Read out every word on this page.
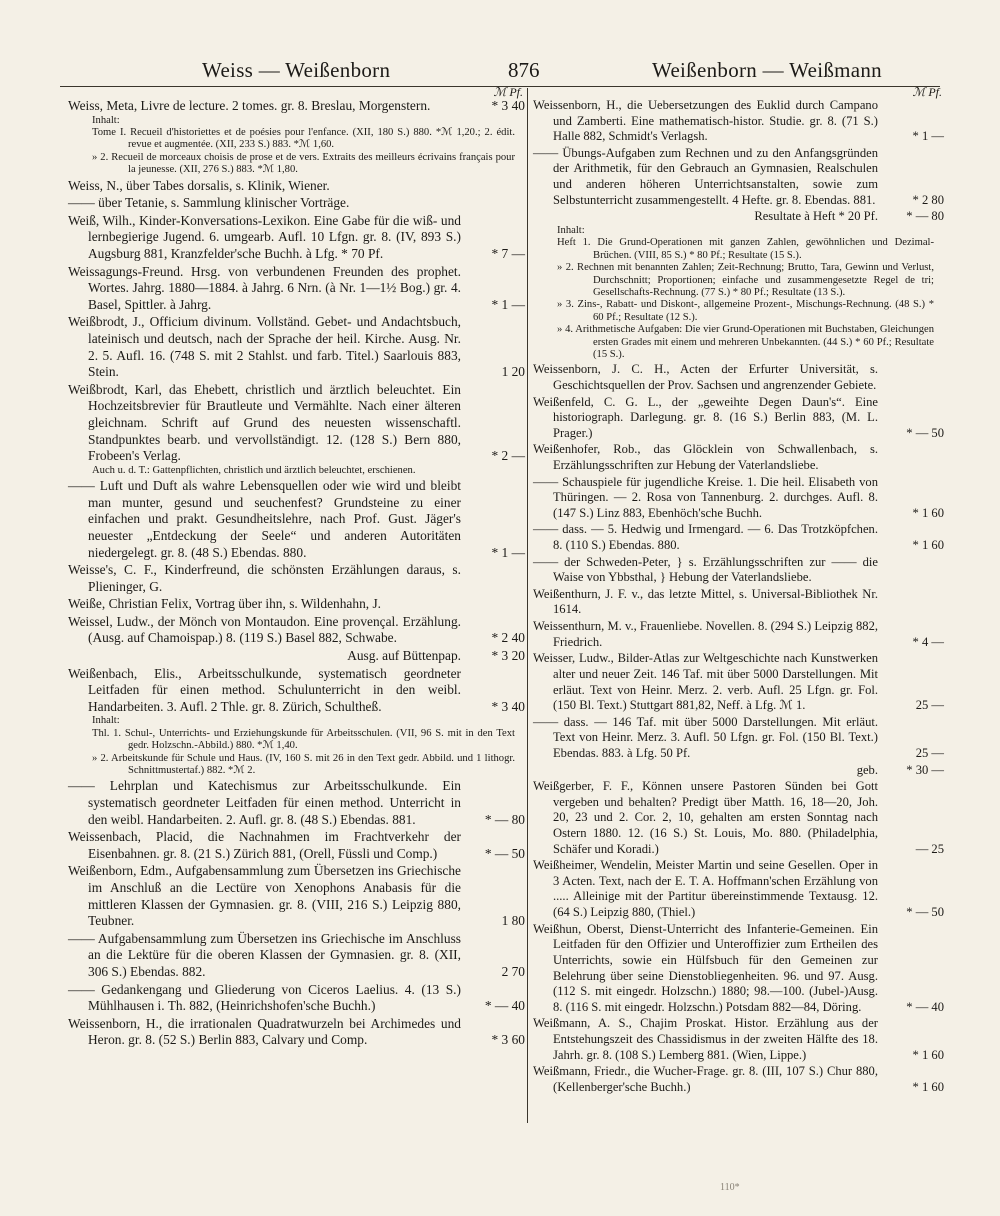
Weiss — Weißenborn	876	Weißenborn — Weißmann
ℳ Pf.
Weiss, Meta, Livre de lecture. 2 tomes. gr. 8. Breslau, Morgenstern.	* 3 40
Inhalt:
Tome I. Recueil d'historiettes et de poésies pour l'enfance. (XII, 180 S.) 880. *ℳ 1,20.; 2. édit. revue et augmentée. (XII, 233 S.) 883. *ℳ 1,60.
» 2. Recueil de morceaux choisis de prose et de vers. Extraits des meilleurs écrivains français pour la jeunesse. (XII, 276 S.) 883. *ℳ 1,80.
Weiss, N., über Tabes dorsalis, s. Klinik, Wiener.
—— über Tetanie, s. Sammlung klinischer Vorträge.
Weiß, Wilh., Kinder-Konversations-Lexikon. Eine Gabe für die wiß- und lernbegierige Jugend. 6. umgearb. Aufl. 10 Lfgn. gr. 8. (IV, 893 S.) Augsburg 881, Kranzfelder'sche Buchh. à Lfg. * 70 Pf.	* 7 —
Weissagungs-Freund. Hrsg. von verbundenen Freunden des prophet. Wortes. Jahrg. 1880—1884. à Jahrg. 6 Nrn. (à Nr. 1—1½ Bog.) gr. 4. Basel, Spittler. à Jahrg.	* 1 —
Weißbrodt, J., Officium divinum. Vollständ. Gebet- und Andachtsbuch, lateinisch und deutsch, nach der Sprache der heil. Kirche. Ausg. Nr. 2. 5. Aufl. 16. (748 S. mit 2 Stahlst. und farb. Titel.) Saarlouis 883, Stein.	1 20
Weißbrodt, Karl, das Ehebett, christlich und ärztlich beleuchtet. Ein Hochzeitsbrevier für Brautleute und Vermählte. Nach einer älteren gleichnam. Schrift auf Grund des neuesten wissenschaftl. Standpunktes bearb. und vervollständigt. 12. (128 S.) Bern 880, Frobeen's Verlag.	* 2 —
Auch u. d. T.: Gattenpflichten, christlich und ärztlich beleuchtet, erschienen.
—— Luft und Duft als wahre Lebensquellen oder wie wird und bleibt man munter, gesund und seuchenfest? Grundsteine zu einer einfachen und prakt. Gesundheitslehre, nach Prof. Gust. Jäger's neuester „Entdeckung der Seele“ und anderen Autoritäten niedergelegt. gr. 8. (48 S.) Ebendas. 880.	* 1 —
Weisse's, C. F., Kinderfreund, die schönsten Erzählungen daraus, s. Plieninger, G.
Weiße, Christian Felix, Vortrag über ihn, s. Wildenhahn, J.
Weissel, Ludw., der Mönch von Montaudon. Eine provençal. Erzählung. (Ausg. auf Chamoispap.) 8. (119 S.) Basel 882, Schwabe.	* 2 40
Ausg. auf Büttenpap. * 3 20
Weißenbach, Elis., Arbeitsschulkunde, systematisch geordneter Leitfaden für einen method. Schulunterricht in den weibl. Handarbeiten. 3. Aufl. 2 Thle. gr. 8. Zürich, Schultheß.	* 3 40
Inhalt:
Thl. 1. Schul-, Unterrichts- und Erziehungskunde für Arbeitsschulen. (VII, 96 S. mit in den Text gedr. Holzschn.-Abbild.) 880. *ℳ 1,40.
» 2. Arbeitskunde für Schule und Haus. (IV, 160 S. mit 26 in den Text gedr. Abbild. und 1 lithogr. Schnittmustertaf.) 882. *ℳ 2.
—— Lehrplan und Katechismus zur Arbeitsschulkunde. Ein systematisch geordneter Leitfaden für einen method. Unterricht in den weibl. Handarbeiten. 2. Aufl. gr. 8. (48 S.) Ebendas. 881.	* — 80
Weissenbach, Placid, die Nachnahmen im Frachtverkehr der Eisenbahnen. gr. 8. (21 S.) Zürich 881, (Orell, Füssli und Comp.)	* — 50
Weißenborn, Edm., Aufgabensammlung zum Übersetzen ins Griechische im Anschluß an die Lectüre von Xenophons Anabasis für die mittleren Klassen der Gymnasien. gr. 8. (VIII, 216 S.) Leipzig 880, Teubner.	1 80
—— Aufgabensammlung zum Übersetzen ins Griechische im Anschluss an die Lektüre für die oberen Klassen der Gymnasien. gr. 8. (XII, 306 S.) Ebendas. 882.	2 70
—— Gedankengang und Gliederung von Ciceros Laelius. 4. (13 S.) Mühlhausen i. Th. 882, (Heinrichshofen'sche Buchh.)	* — 40
Weissenborn, H., die irrationalen Quadratwurzeln bei Archimedes und Heron. gr. 8. (52 S.) Berlin 883, Calvary und Comp.	* 3 60
ℳ Pf.
Weissenborn, H., die Uebersetzungen des Euklid durch Campano und Zamberti. Eine mathematisch-histor. Studie. gr. 8. (71 S.) Halle 882, Schmidt's Verlagsh.	* 1 —
—— Übungs-Aufgaben zum Rechnen und zu den Anfangsgründen der Arithmetik, für den Gebrauch an Gymnasien, Realschulen und anderen höheren Unterrichtsanstalten, sowie zum Selbstunterricht zusammengestellt. 4 Hefte. gr. 8. Ebendas. 881.	* 2 80
Resultate à Heft * 20 Pf. * — 80
Inhalt:
Heft 1. Die Grund-Operationen mit ganzen Zahlen, gewöhnlichen und Dezimal-Brüchen. (VIII, 85 S.) * 80 Pf.; Resultate (15 S.).
» 2. Rechnen mit benannten Zahlen; Zeit-Rechnung; Brutto, Tara, Gewinn und Verlust, Durchschnitt; Proportionen; einfache und zusammengesetzte Regel de tri; Gesellschafts-Rechnung. (77 S.) * 80 Pf.; Resultate (13 S.).
» 3. Zins-, Rabatt- und Diskont-, allgemeine Prozent-, Mischungs-Rechnung. (48 S.) * 60 Pf.; Resultate (12 S.).
» 4. Arithmetische Aufgaben: Die vier Grund-Operationen mit Buchstaben, Gleichungen ersten Grades mit einem und mehreren Unbekannten. (44 S.) * 60 Pf.; Resultate (15 S.).
Weissenborn, J. C. H., Acten der Erfurter Universität, s. Geschichtsquellen der Prov. Sachsen und angrenzender Gebiete.
Weißenfeld, C. G. L., der „geweihte Degen Daun's“. Eine historiograph. Darlegung. gr. 8. (16 S.) Berlin 883, (M. L. Prager.)	* — 50
Weißenhofer, Rob., das Glöcklein von Schwallenbach, s. Erzählungsschriften zur Hebung der Vaterlandsliebe.
—— Schauspiele für jugendliche Kreise. 1. Die heil. Elisabeth von Thüringen. — 2. Rosa von Tannenburg. 2. durchges. Aufl. 8. (147 S.) Linz 883, Ebenhöch'sche Buchh.	* 1 60
—— dass. — 5. Hedwig und Irmengard. — 6. Das Trotzköpfchen. 8. (110 S.) Ebendas. 880.	* 1 60
—— der Schweden-Peter, } s. Erzählungsschriften zur —— die Waise von Ybbsthal, } Hebung der Vaterlandsliebe.
Weißenthurn, J. F. v., das letzte Mittel, s. Universal-Bibliothek Nr. 1614.
Weissenthurn, M. v., Frauenliebe. Novellen. 8. (294 S.) Leipzig 882, Friedrich.	* 4 —
Weisser, Ludw., Bilder-Atlas zur Weltgeschichte nach Kunstwerken alter und neuer Zeit. 146 Taf. mit über 5000 Darstellungen. Mit erläut. Text von Heinr. Merz. 2. verb. Aufl. 25 Lfgn. gr. Fol. (150 Bl. Text.) Stuttgart 881,82, Neff. à Lfg. ℳ 1.	25 —
—— dass. — 146 Taf. mit über 5000 Darstellungen. Mit erläut. Text von Heinr. Merz. 3. Aufl. 50 Lfgn. gr. Fol. (150 Bl. Text.) Ebendas. 883. à Lfg. 50 Pf.	25 —
geb. * 30 —
Weißgerber, F. F., Können unsere Pastoren Sünden bei Gott vergeben und behalten? Predigt über Matth. 16, 18—20, Joh. 20, 23 und 2. Cor. 2, 10, gehalten am ersten Sonntag nach Ostern 1880. 12. (16 S.) St. Louis, Mo. 880. (Philadelphia, Schäfer und Koradi.)	— 25
Weißheimer, Wendelin, Meister Martin und seine Gesellen. Oper in 3 Acten. Text, nach der E. T. A. Hoffmann'schen Erzählung von ..... Alleinige mit der Partitur übereinstimmende Textausg. 12. (64 S.) Leipzig 880, (Thiel.)	* — 50
Weißhun, Oberst, Dienst-Unterricht des Infanterie-Gemeinen. Ein Leitfaden für den Offizier und Unteroffizier zum Ertheilen des Unterrichts, sowie ein Hülfsbuch für den Gemeinen zur Belehrung über seine Dienstobliegenheiten. 96. und 97. Ausg. (112 S. mit eingedr. Holzschn.) 1880; 98.—100. (Jubel-)Ausg. 8. (116 S. mit eingedr. Holzschn.) Potsdam 882—84, Döring.	* — 40
Weißmann, A. S., Chajim Proskat. Histor. Erzählung aus der Entstehungszeit des Chassidismus in der zweiten Hälfte des 18. Jahrh. gr. 8. (108 S.) Lemberg 881. (Wien, Lippe.)	* 1 60
Weißmann, Friedr., die Wucher-Frage. gr. 8. (III, 107 S.) Chur 880, (Kellenberger'sche Buchh.)	* 1 60
110*
